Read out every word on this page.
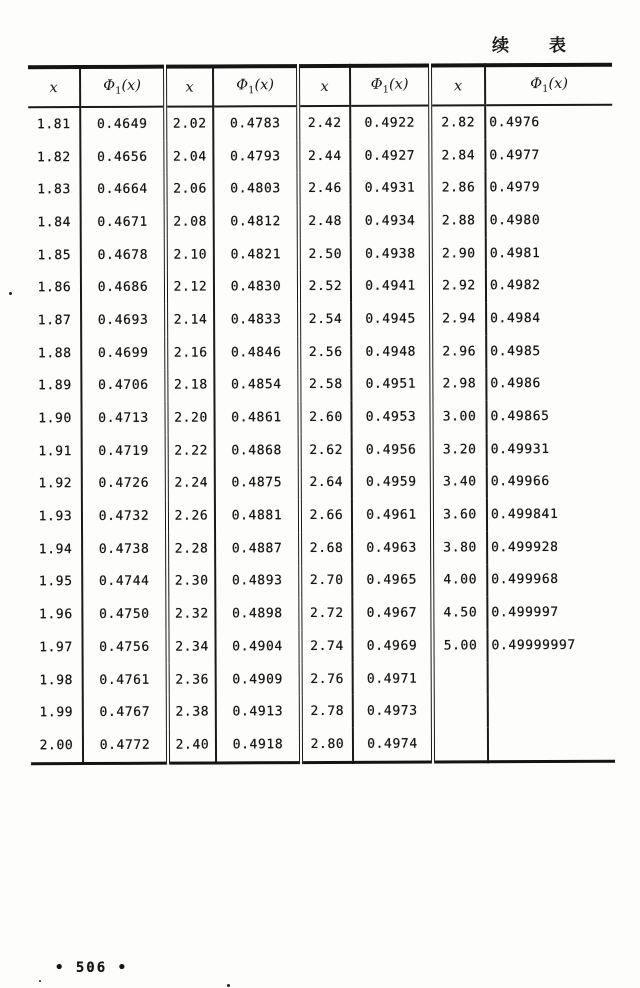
续 表
x	$\Phi_1(x)$	x	$\Phi_1(x)$	x	$\Phi_1(x)$	x	$\Phi_1(x)$
1.81	0.4649	2.02	0.4783	2.42	0.4922	2.82	0.4976
1.82	0.4656	2.04	0.4793	2.44	0.4927	2.84	0.4977
1.83	0.4664	2.06	0.4803	2.46	0.4931	2.86	0.4979
1.84	0.4671	2.08	0.4812	2.48	0.4934	2.88	0.4980
1.85	0.4678	2.10	0.4821	2.50	0.4938	2.90	0.4981
1.86	0.4686	2.12	0.4830	2.52	0.4941	2.92	0.4982
1.87	0.4693	2.14	0.4833	2.54	0.4945	2.94	0.4984
1.88	0.4699	2.16	0.4846	2.56	0.4948	2.96	0.4985
1.89	0.4706	2.18	0.4854	2.58	0.4951	2.98	0.4986
1.90	0.4713	2.20	0.4861	2.60	0.4953	3.00	0.49865
1.91	0.4719	2.22	0.4868	2.62	0.4956	3.20	0.49931
1.92	0.4726	2.24	0.4875	2.64	0.4959	3.40	0.49966
1.93	0.4732	2.26	0.4881	2.66	0.4961	3.60	0.499841
1.94	0.4738	2.28	0.4887	2.68	0.4963	3.80	0.499928
1.95	0.4744	2.30	0.4893	2.70	0.4965	4.00	0.499968
1.96	0.4750	2.32	0.4898	2.72	0.4967	4.50	0.499997
1.97	0.4756	2.34	0.4904	2.74	0.4969	5.00	0.49999997
1.98	0.4761	2.36	0.4909	2.76	0.4971		
1.99	0.4767	2.38	0.4913	2.78	0.4973		
2.00	0.4772	2.40	0.4918	2.80	0.4974		
• 506 •
